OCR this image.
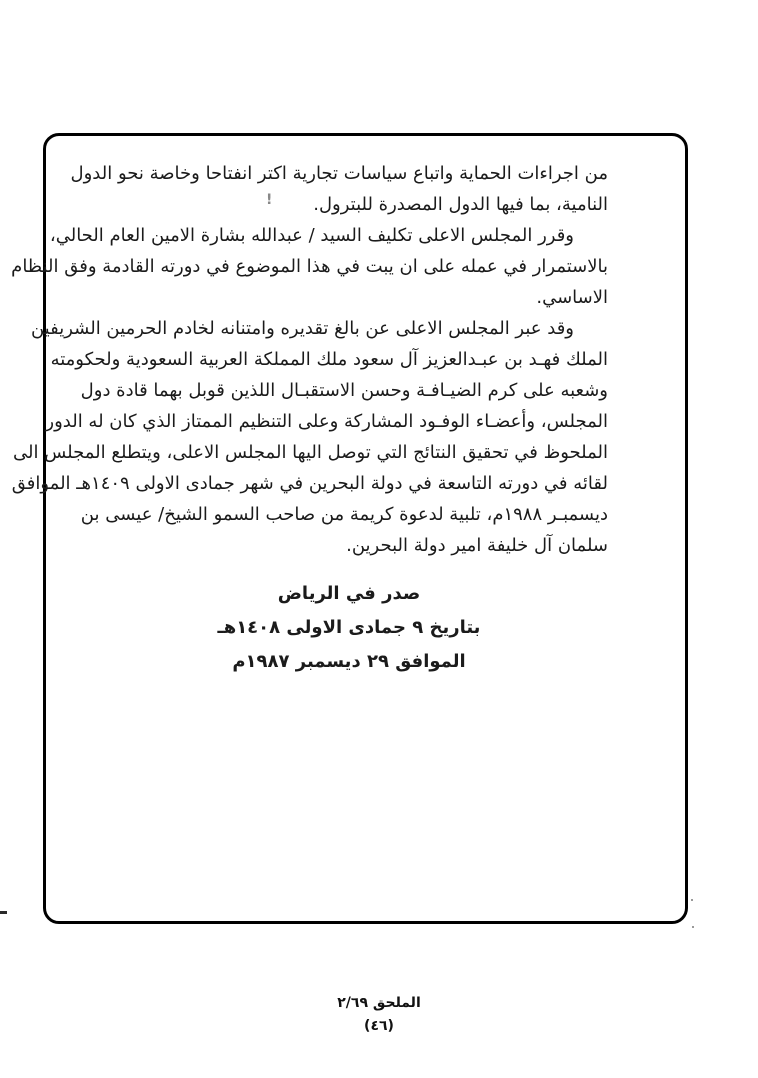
من اجراءات الحماية واتباع سياسات تجارية اكتر انفتاحا وخاصة نحو الدول
النامية، بما فيها الدول المصدرة للبترول.
وقرر المجلس الاعلى تكليف السيد / عبدالله بشارة الامين العام الحالي،
بالاستمرار في عمله على ان يبت في هذا الموضوع في دورته القادمة وفق النظام
الاساسي.
وقد عبر المجلس الاعلى عن بالغ تقديره وامتنانه لخادم الحرمين الشريفين
الملك فهـد بن عبـدالعزيز آل سعود ملك المملكة العربية السعودية ولحكومته
وشعبه على كرم الضيـافـة وحسن الاستقبـال اللذين قوبل بهما قادة دول
المجلس، وأعضـاء الوفـود المشاركة وعلى التنظيم الممتاز الذي كان له الدور
الملحوظ في تحقيق النتائج التي توصل اليها المجلس الاعلى، ويتطلع المجلس الى
لقائه في دورته التاسعة في دولة البحرين في شهر جمادى الاولى ١٤٠٩هـ الموافق
ديسمبـر ١٩٨٨م، تلبية لدعوة كريمة من صاحب السمو الشيخ/ عيسى بن
سلمان آل خليفة امير دولة البحرين.
صدر في الرياض
بتاريخ ٩ جمادى الاولى ١٤٠٨هـ
الموافق ٢٩ ديسمبر ١٩٨٧م
!
الملحق ٢/٦٩
(٤٦)
